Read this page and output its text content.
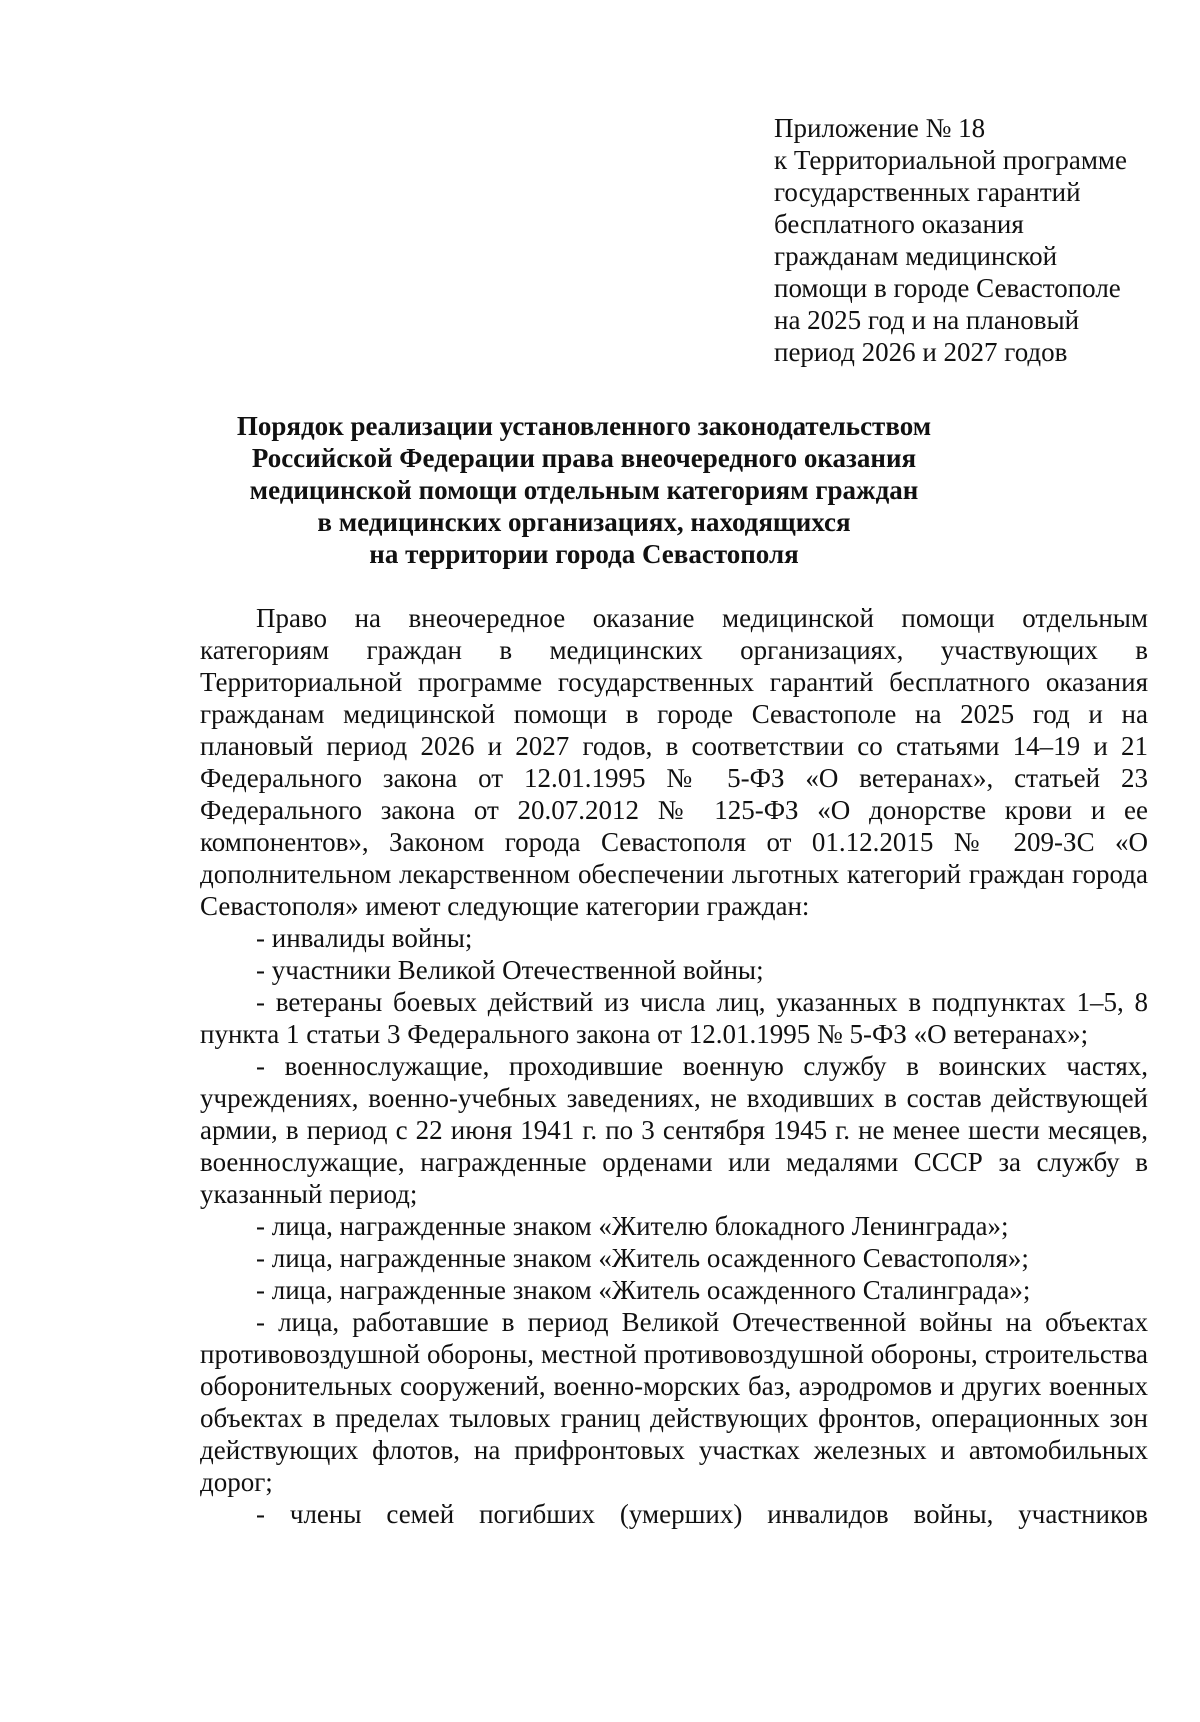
Приложение № 18
к Территориальной программе
государственных гарантий
бесплатного оказания
гражданам медицинской
помощи в городе Севастополе
на 2025 год и на плановый
период 2026 и 2027 годов
Порядок реализации установленного законодательством
Российской Федерации права внеочередного оказания
медицинской помощи отдельным категориям граждан
в медицинских организациях, находящихся
на территории города Севастополя

Право на внеочередное оказание медицинской помощи отдельным категориям граждан в медицинских организациях, участвующих в Территориальной программе государственных гарантий бесплатного оказания гражданам медицинской помощи в городе Севастополе на 2025 год и на плановый период 2026 и 2027 годов, в соответствии со статьями 14–19 и 21 Федерального закона от 12.01.1995 № 5-ФЗ «О ветеранах», статьей 23 Федерального закона от 20.07.2012 № 125-ФЗ «О донорстве крови и ее компонентов», Законом города Севастополя от 01.12.2015 № 209-ЗС «О дополнительном лекарственном обеспечении льготных категорий граждан города Севастополя» имеют следующие категории граждан:

- инвалиды войны;

- участники Великой Отечественной войны;

- ветераны боевых действий из числа лиц, указанных в подпунктах 1–5, 8 пункта 1 статьи 3 Федерального закона от 12.01.1995 № 5-ФЗ «О ветеранах»;

- военнослужащие, проходившие военную службу в воинских частях, учреждениях, военно-учебных заведениях, не входивших в состав действующей армии, в период с 22 июня 1941 г. по 3 сентября 1945 г. не менее шести месяцев, военнослужащие, награжденные орденами или медалями СССР за службу в указанный период;

- лица, награжденные знаком «Жителю блокадного Ленинграда»;

- лица, награжденные знаком «Житель осажденного Севастополя»;

- лица, награжденные знаком «Житель осажденного Сталинграда»;

- лица, работавшие в период Великой Отечественной войны на объектах противовоздушной обороны, местной противовоздушной обороны, строительства оборонительных сооружений, военно-морских баз, аэродромов и других военных объектах в пределах тыловых границ действующих фронтов, операционных зон действующих флотов, на прифронтовых участках железных и автомобильных дорог;

- члены семей погибших (умерших) инвалидов войны, участников
